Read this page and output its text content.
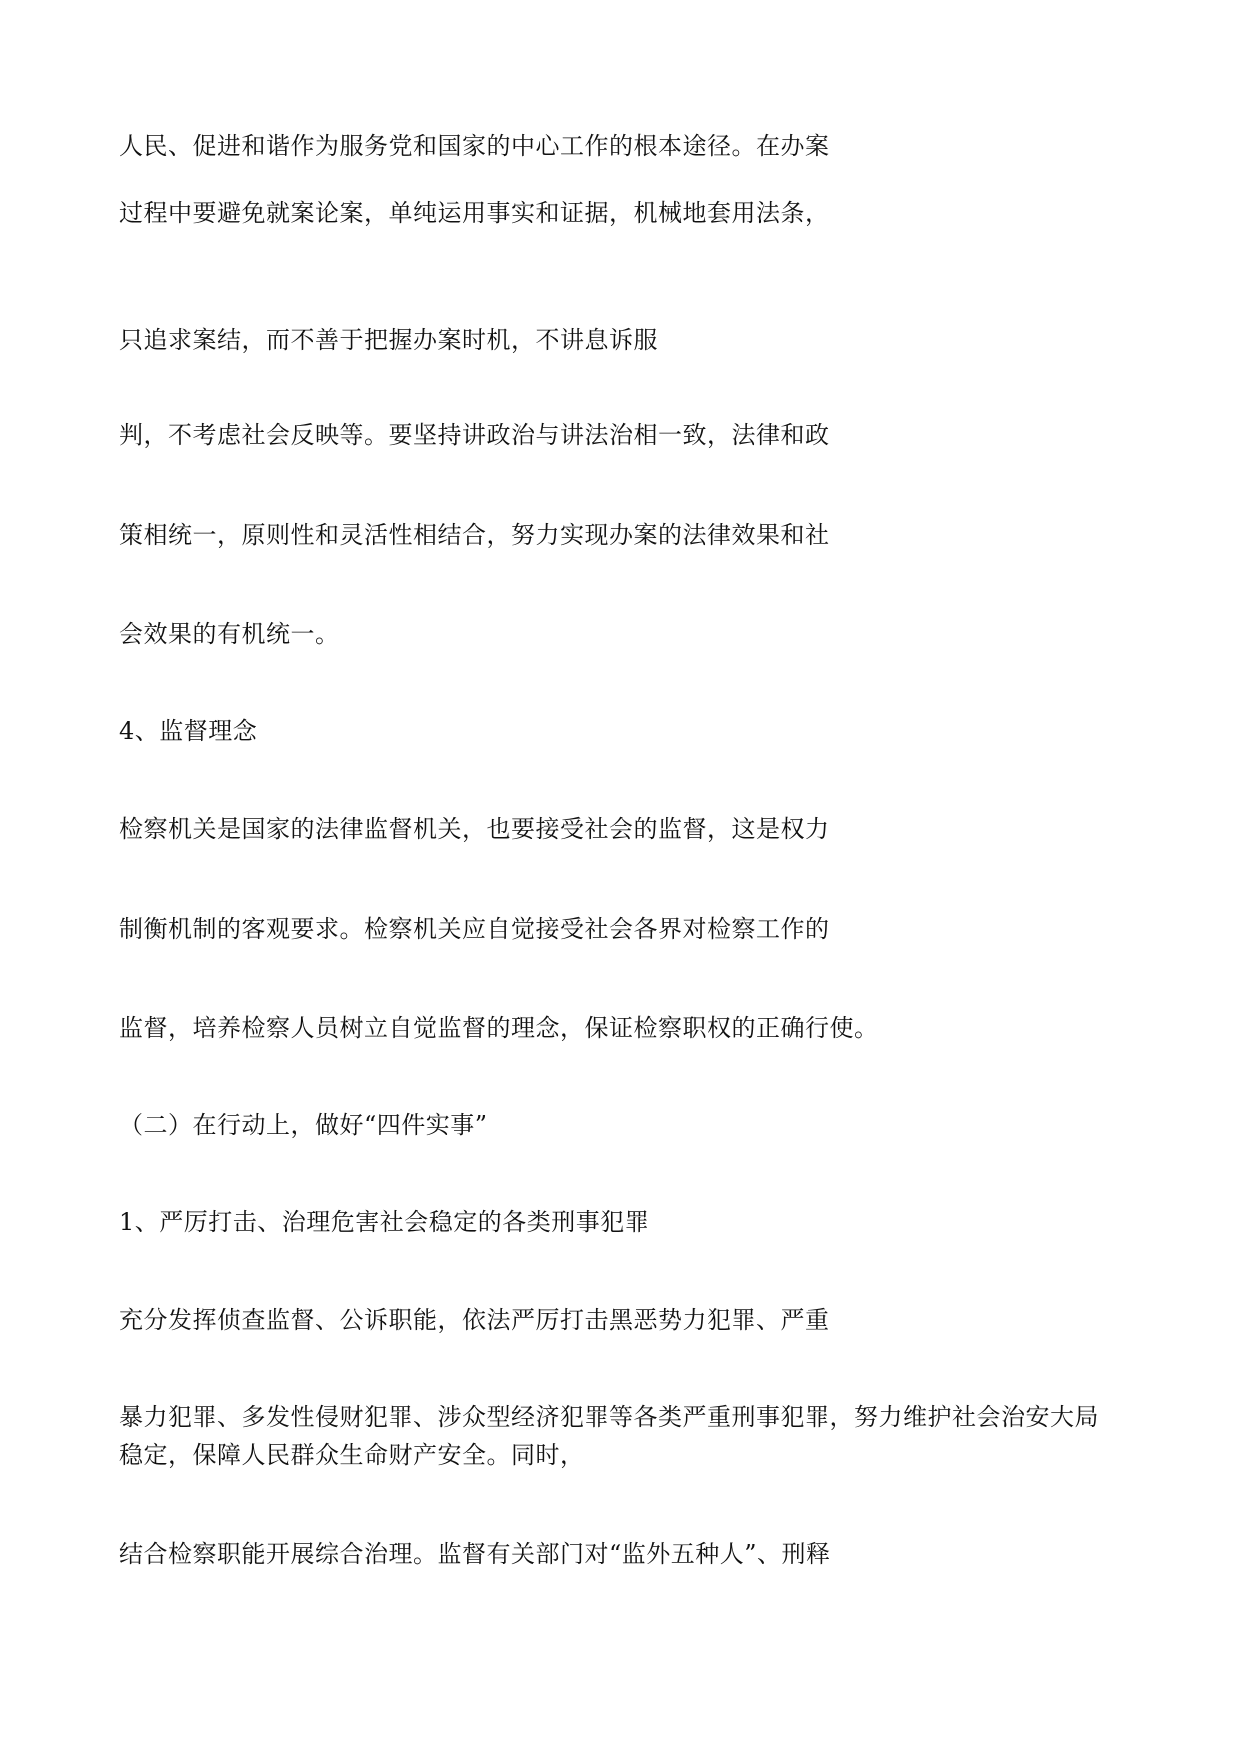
人民、促进和谐作为服务党和国家的中心工作的根本途径。在办案
过程中要避免就案论案，单纯运用事实和证据，机械地套用法条，
只追求案结，而不善于把握办案时机，不讲息诉服
判，不考虑社会反映等。要坚持讲政治与讲法治相一致，法律和政
策相统一，原则性和灵活性相结合，努力实现办案的法律效果和社
会效果的有机统一。
4、监督理念
检察机关是国家的法律监督机关，也要接受社会的监督，这是权力
制衡机制的客观要求。检察机关应自觉接受社会各界对检察工作的
监督，培养检察人员树立自觉监督的理念，保证检察职权的正确行使。
（二）在行动上，做好“四件实事”
1、严厉打击、治理危害社会稳定的各类刑事犯罪
充分发挥侦查监督、公诉职能，依法严厉打击黑恶势力犯罪、严重
暴力犯罪、多发性侵财犯罪、涉众型经济犯罪等各类严重刑事犯罪，努力维护社会治安大局
稳定，保障人民群众生命财产安全。同时，
结合检察职能开展综合治理。监督有关部门对“监外五种人”、刑释
